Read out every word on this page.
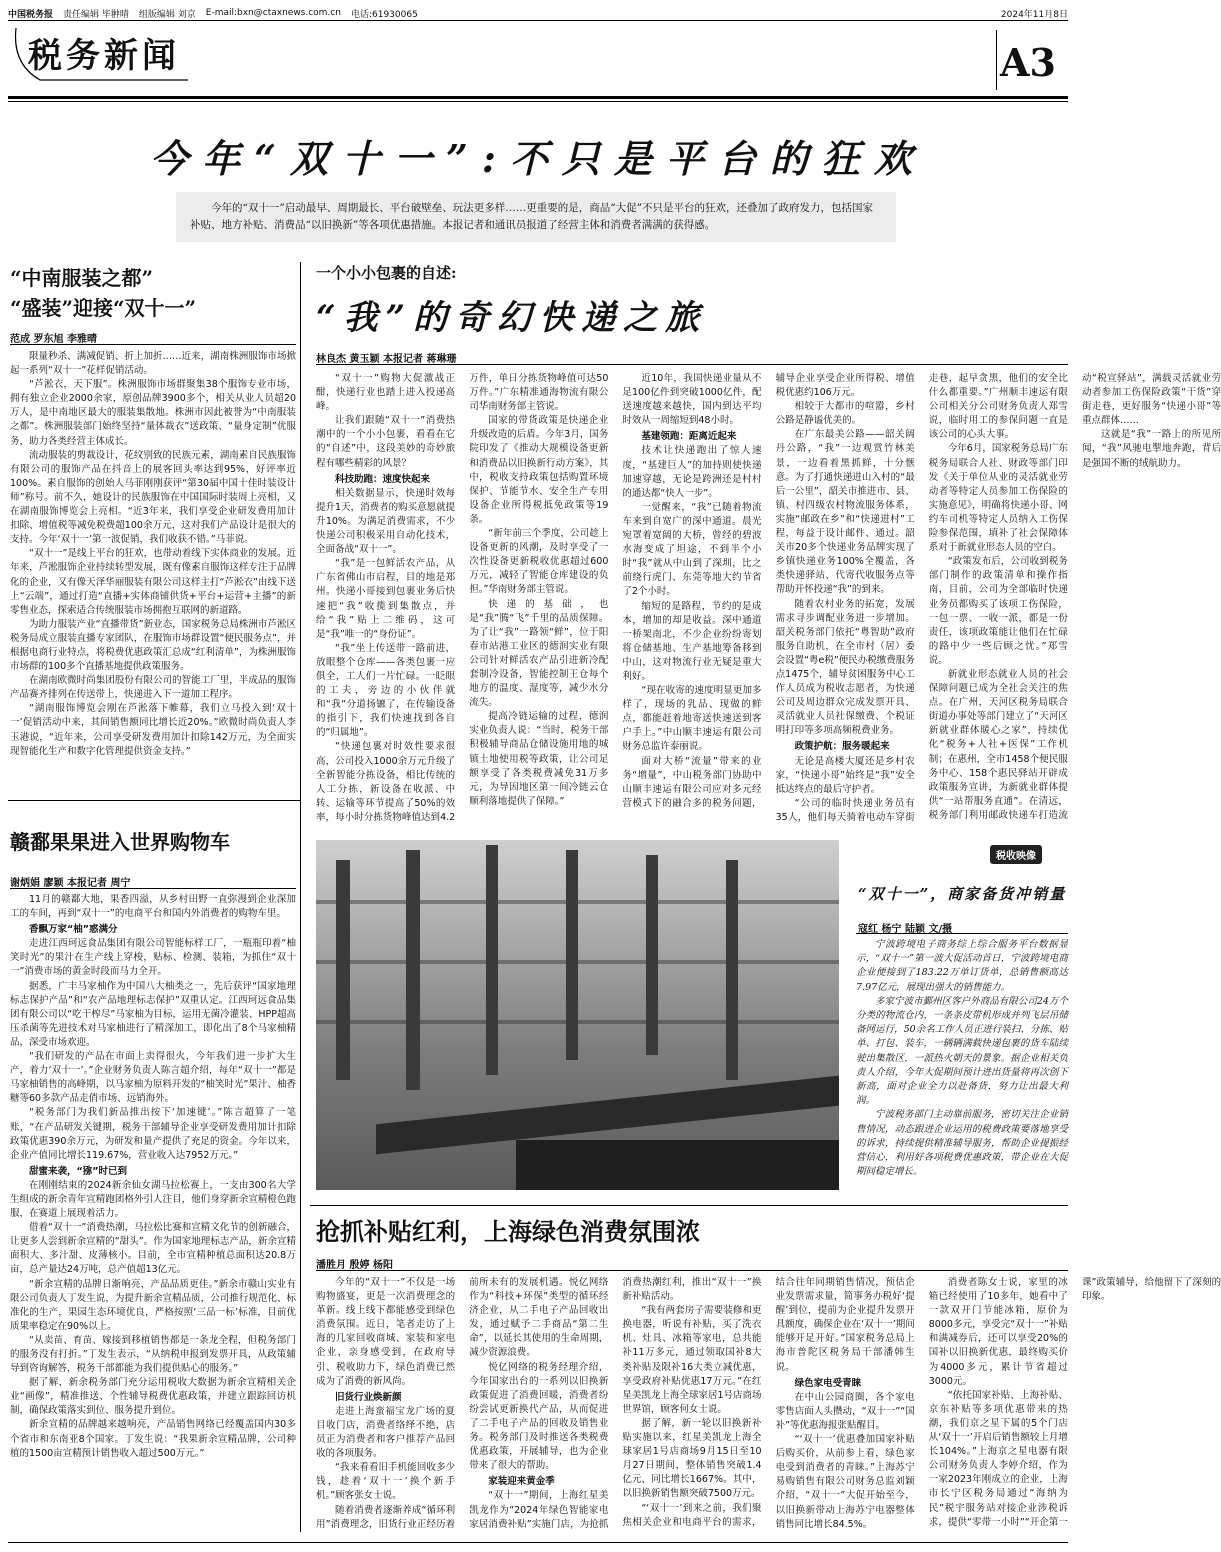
中国税务报 责任编辑 毕翀晴 组版编辑 刘京 E-mail:bxn@ctaxnews.com.cn 电话:61930065	2024年11月8日
税务新闻	A3
今年“双十一”:不只是平台的狂欢
今年的“双十一”启动最早、周期最长、平台破壁垒、玩法更多样……更重要的是，商品“大促”不只是平台的狂欢，还叠加了政府发力，包括国家补贴、地方补贴、消费品“以旧换新”等各项优惠措施。本报记者和通讯员报道了经营主体和消费者满满的获得感。
“中南服装之都”
“盛装”迎接“双十一”
范成 罗东旭 李雅晴

限量秒杀、满减促销、折上加折……近来，湖南株洲服饰市场掀起一系列“双十一”花样促销活动。

“芦淞衣，天下服”。株洲服饰市场群聚集38个服饰专业市场，拥有独立企业2000余家，原创品牌3900多个，相关从业人员超20万人，是中南地区最大的服装集散地。株洲市因此被誉为“中南服装之都”。株洲服装部门始终坚持“量体裁衣”送政策、“量身定制”优服务，助力各类经营主体成长。

流动服装的剪裁设计，花纹别致的民族元素，湖南素自民族服饰有限公司的服饰产品在抖音上的展客回头率达到95%，好评率近100%。素自服饰的创始人马菲刚刚获评“第30届中国十佳时装设计师”称号。前不久，她设计的民族服饰在中国国际时装周上亮相，又在湖南服饰博览会上亮相。“近3年来，我们享受企业研发费用加计扣除、增值税等减免税费超100余万元，这对我们产品设计是很大的支持。今年‘双十一’第一波促销，我们收获不错。”马菲说。

“双十一”是线上平台的狂欢，也带动着线下实体商业的发展。近年来，芦淞服饰企业持续转型发展，既有像素自服饰这样专注于品牌化的企业，又有像天泽华丽服装有限公司这样主打“芦淞衣”由线下送上“云端”，通过打造“直播+实体商铺供货+平台+运营+主播”的新零售业态，探索适合传统服装市场拥抱互联网的新道路。

为助力服装产业“直播带货”新业态，国家税务总局株洲市芦淞区税务局成立服装直播专家团队，在服饰市场群设置“便民服务点”，并根据电商行业特点，将税费优惠政策汇总成“红利清单”，为株洲服饰市场群的100多个直播基地提供政策服务。

在湖南欧微时尚集团股份有限公司的智能工厂里，半成品的服饰产品赛齐排列在传送带上，快递进入下一道加工程序。

“湖南服饰博览会刚在芦淞落下帷幕，我们立马投入到‘双十一’促销活动中来，其间销售额同比增长近20%。”欧微时尚负责人李玉港说，“近年来，公司享受研发费用加计扣除142万元，为全面实现智能化生产和数字化管理提供资金支持。”

赣鄱果果进入世界购物车
谢炳娟 廖颖 本报记者 周宁

11月的赣鄱大地，果香四溢，从乡村田野一直弥漫到企业深加工的车间，再到“双十一”的电商平台和国内外消费者的购物车里。

香飘万家“柚”惑满分

走进江西珂远食品集团有限公司智能标样工厂，一瓶瓶印着“柚笑时光”的果汁在生产线上穿梭，贴标、检测、装箱，为抓住“双十一”消费市场的黄金时段而马力全开。

据悉，广丰马家柚作为中国八大柚类之一，先后获评“国家地理标志保护产品”和“农产品地理标志保护”双重认定。江西珂远食品集团有限公司以“吃干榨尽”马家柚为目标，运用无菌冷灌装、HPP超高压杀菌等先进技术对马家柚进行了精深加工，即化出了8个马家柚精品，深受市场欢迎。

“我们研发的产品在市面上卖得很火，今年我们进一步扩大生产，着力‘双十一’。”企业财务负责人陈言超介绍，每年“双十一”都是马家柚销售的高峰期，以马家柚为原料开发的“柚笑时光”果汁、柚香糖等60多款产品走俏市场、远销海外。

“税务部门为我们新品推出按下‘加速键’。”陈言超算了一笔账，“在产品研发关键期，税务干部辅导企业享受研发费用加计扣除政策优惠390余万元，为研发和量产提供了充足的资金。今年以来，企业产值同比增长119.67%，营业收入达7952万元。”

甜蜜来袭，“猕”时已到

在刚刚结束的2024新余仙女湖马拉松赛上，一支由300名大学生组成的新余青年宣精跑团格外引人注目，他们身穿新余宣精橙色跑服，在赛道上展现着活力。

借着“双十一”消费热潮，马拉松比赛和宣精文化节的创新融合，让更多人尝到新余宣精的“甜头”。作为国家地理标志产品，新余宣精面积大、多汁甜、皮薄核小。目前，全市宣精种植总面积达20.8万亩，总产量达24万吨，总产值超13亿元。

“新余宣精的品牌日渐响亮，产品品质更佳。”新余市赣山实业有限公司负责人丁发生说，为提升新余宣精品质，公司推行规范化、标准化的生产，果园生态环境优良，严格按照‘三品一标’标准，目前优质果率稳定在90%以上。

“从卖苗、育苗、嫁接到移植销售都是一条龙全程，但税务部门的服务没有打折。”丁发生表示，“从纳税申报到发票开具，从政策辅导到咨询解答，税务干部都能为我们提供贴心的服务。”

据了解，新余税务部门充分运用税收大数据为新余宣精相关企业“画像”，精准推送、个性辅导税费优惠政策，并建立跟踪回访机制，确保政策落实到位、服务提升到位。

新余宣精的品牌越来越响亮，产品销售网络已经覆盖国内30多个省市和东南亚8个国家。丁发生说：“我果新余宣精品牌，公司种植的1500亩宣精预计销售收入超过500万元。”

一个小小包裹的自述:
“我”的奇幻快递之旅
林良杰 黄玉颖 本报记者 蒋琳珊

“双十一”购物大促激战正酣，快递行业也踏上进入投递高峰。

让我们跟随“双十一”消费热潮中的一个小小包裹，看看在它的“自述”中，这段美妙的奇妙旅程有哪些精彩的风景？

科技助跑：速度快起来

相关数据显示，快递时效每提升1天，消费者的购买意愿就提升10%。为满足消费需求，不少快递公司积极采用自动化技术，全面备战“双十一”。

“我”是一包鲜活农产品，从广东省佛山市启程，目的地是郑州。快递小哥接到包裹业务后快速把“我”收揽到集散点，并给“我”贴上二维码，这可是“我”唯一的“身份证”。

“我”坐上传送带一路前进，放眼整个仓库——各类包裹一应俱全，工人们一片忙碌。一眨眼的工夫，旁边的小伙伴就和“我”分道扬镳了，在传输设备的指引下，我们快速找到各自的“归属地”。

“快递包裹对时效性要求很高，公司投入1000余万元升级了全新智能分拣设备，相比传统的人工分拣，新设备在收派、中转、运输等环节提高了50%的效率，每小时分拣货物峰值达到4.2万件，单日分拣货物峰值可达50万件。”广东精准通海物流有限公司华南财务部主管说。

国家的带货政策是快递企业升级改造的后盾。今年3月，国务院印发了《推动大规模设备更新和消费品以旧换新行动方案》，其中，税收支持政策包括购置环境保护、节能节水、安全生产专用设备企业所得税抵免政策等19条。

“新年前三个季度，公司趁上设备更新的风潮，及时享受了一次性设备更新税收优惠超过600万元，减轻了智能仓库建设的负担。”华南财务部主管说。

快递的基础，也是“我”腾“飞”千里的品质保障。为了让“我”一路领“鲜”，位于阳春市站港工业区的德润实业有限公司针对鲜活农产品引进新冷配套制冷设备，智能控制王仓每个地方的温度、湿度等，减少水分流失。

提高冷链运输的过程，德润实业负责人说：“当时，税务干部积极辅导商品仓储设施用地的城镇土地使用税等政策，让公司足额享受了各类税费减免31万多元，为导因地区第一间冷链云仓顺利落地提供了保障。”

近10年，我国快递业量从不足100亿件到突破1000亿件，配送速度越来越快，国内到达平均时效从一周缩短到48小时。

基建领跑：距离近起来

技术让快递跑出了惊人速度，“基建巨人”的加持则使快递加速穿越，无论是跨洲还是村村的通达都“快人一步”。

一觉醒来，“我”已随着物流车来到自宽广的深中通道。晨光宛罩着宽阔的大桥，曾经的碧波水海变成了坦途，不到半个小时“我”就从中山到了深圳，比之前绕行虎门、东莞等地大约节省了2个小时。

缩短的是路程，节约的是成本，增加的却是收益。深中通道一桥架南北，不少企业纷纷寄划将仓储基地、生产基地筹备移到中山，这对物流行业无疑是重大利好。

“现在收寄的速度明显更加多样了，现场的乳品、现做的鲜点，都能赶着地寄送快速送到客户手上。”中山顺丰速运有限公司财务总监许泰丽说。

面对大桥“流量”带来的业务“增量”，中山税务部门协助中山顺丰速运有限公司应对多元经营模式下的融合多的税务问题，辅导企业享受企业所得税、增值税优惠约106万元。

相较于大都市的喧嚣，乡村公路是静谧优美的。

在广东最美公路——韶关阔丹公路，“我”一边观赏竹林美景，一边看着黑抓鲜，十分惬意。为了打通快递进山入村的“最后一公里”，韶关市推进市、县、镇、村四级农村物流服务体系，实施“邮政在乡”和“快递进村”工程，每益于设计邮件、通过。韶关市20多个快递业务品牌实现了乡镇快递业务100%全覆盖，各类快递驿站、代寄代收服务点等帮助开怀投递“我”的到来。

随着农村业务的拓宽，发展需求寻步调配业务进一步增加。韶关税务部门依托“粤智助”政府服务自助机，在全市村（居）委会设置“粤e税”便民办税缴费服务点1475个，辅导贫困服务中心工作人员成为税收志愿者，为快递公司及周边群众完成发票开具、灵活就业人员社保缴费、个税证明打印等多项高频税费业务。

政策护航：服务暖起来

无论是高楼大厦还是乡村农家，“快递小哥”始终是“我”安全抵达终点的最后守护者。

“公司的临时快递业务员有35人，他们每天骑着电动车穿街走巷，起早贪黑，他们的安全比什么都重要。”广州顺丰速运有限公司相关分公司财务负责人郑雪说，临时用工的参保问题一直是该公司的心头大事。

今年6月，国家税务总局广东税务局联合人社、财政等部门印发《关于单位从业的灵活就业劳动者等特定人员参加工伤保险的实施意见》，明确将快递小哥、网约车司机等特定人员纳入工伤保险参保范围，填补了社会保障体系对于新就业形态人员的空白。

“政策发布后，公司收到税务部门制作的政策清单和操作指南，目前，公司为全部临时快递业务员都购买了该项工伤保险，一包一票、一收一派，都是一份责任，该项政策能让他们在忙碌的路中少一些后顾之忧。”郑雪说。

新就业形态就业人员的社会保障问题已成为全社会关注的焦点。在广州，天河区税务局联合街道办事处等部门建立了“天河区新就业群体暖心之家”，持续优化“税务+人社+医保”工作机制；在惠州，全市1458个便民服务中心、158个惠民驿站开辟成政策服务宣讲，为新就业群体提供“一站帮服务直通”。在清远，税务部门利用邮政快递车打造流动“税宣驿站”，满载灵活就业劳动者参加工伤保险政策“干货”穿街走巷，更好服务“快递小哥”等重点群体……

这就是“我”一路上的所见所闻，“我”风驰电掣地奔跑，背后是强国不断的绒航助力。

税收映像
“双十一”，商家备货冲销量
寇红 杨宁 陆颖 文/摄

宁波跨境电子商务综上综合服务平台数据显示，“双十一”第一波大促活动首日，宁波跨境电商企业便接到了183.22万单订货单，总销售额高达7.97亿元，展现出强大的销售能力。

多家宁波市鄞州区客户外商品有限公司24万个分类的物流仓内，一条条皮带机形成并列飞层吊储备网运行，50余名工作人员正进行装扫、分拣、贴单、打包、装车，一辆辆满载快递包裹的货车陆续驶出集散区，一派热火朝天的景象。据企业相关负责人介绍，今年大促期间预计进出货量将再次创下新高，面对企业全力以赴备货，努力让出最大利润。

宁波税务部门主动靠前服务，密切关注企业销售情况，动态跟进企业运用的税费政策要落地享受的诉求，持续提供精准辅导服务，帮助企业提振经营信心，利用好各项税费优惠政策，带企业在大促期间稳定增长。

抢抓补贴红利，上海绿色消费氛围浓
潘胜月 殷婷 杨阳

今年的“双十一”不仅是一场购物盛宴，更是一次消费理念的革新。线上线下都能感受到绿色消费氛围。近日，笔者走访了上海的几家回收商城、家装和家电企业，亲身感受到，在政府导引、税收助力下，绿色消费已然成为了消费的新风尚。

旧货行业焕新颜

走进上海蛮福宝龙广场的夏目收门店，消费者络绎不绝，店员正为消费者和客户推荐产品回收的各项服务。

“我来看看旧手机能回收多少钱，趁着‘双十一’换个新手机。”顾客张女士说。

随着消费者逐渐养成“循环利用”消费理念，旧货行业正经历着前所未有的发展机遇。悦亿网络作为“科技+环保”类型的循环经济企业，从二手电子产品回收出发，通过赋予二手商品“第二生命”，以延长其使用的生命周期，减少资源浪费。

悦亿网络的税务经理介绍，今年国家出台的一系列以旧换新政策促进了消费回暖，消费者纷纷尝试更新换代产品，从而促进了二手电子产品的回收及销售业务。税务部门及时推送各类税费优惠政策，开展辅导，也为企业带来了很大的帮助。

家装迎来黄金季

“双十一”期间，上海红星美凯龙作为“2024年绿色智能家电家居消费补贴”实施门店，为抢抓消费热潮红利，推出“双十一”换新补贴活动。

“我有两套房子需要装修和更换电器，听说有补贴，买了洗衣机、灶具、冰箱等家电，总共能补11万多元，通过领取国补8大类补贴及限补16大类立减优惠，享受政府补贴优惠17万元。”在红星美凯龙上海全球家居1号店商场世界馆，顾客何女士说。

据了解，新一轮以旧换新补贴实施以来，红星美凯龙上海全球家居1号店商场9月15日至10月27日期间，整体销售突破1.4亿元，同比增长1667%。其中，以旧换新销售额突破7500万元。

“‘双十一’到来之前，我们聚焦相关企业和电商平台的需求，结合往年同期销售情况，预估企业发票需求量，简事务办税好‘提醒’到位，提前为企业提升发票开具额度，确保企业在‘双十一’期间能够开足开好。”国家税务总局上海市普陀区税务局干部潘韩生说。

绿色家电受青睐

在中山公园商圈，各个家电零售店面人头攒动，“双十一”“国补”等优惠海报张贴醒目。

“‘双十一’优惠叠加国家补贴后购买价，从前参上看，绿色家电受到消费者的青睐。”上海苏宁易购销售有限公司财务总监刘颖介绍，“双十一”大促开始至今，以旧换新带动上海苏宁电器整体销售同比增长84.5%。

消费者陈女士说，家里的冰箱已经使用了10多年，她看中了一款双开门节能冰箱，原价为8000多元，享受完“双十一”补贴和满减券后，还可以享受20%的国补以旧换新优惠，最终购买价为4000多元，累计节省超过3000元。

“依托国家补贴、上海补贴、京东补贴等多项优惠带来的热潮，我们京之星下属的5个门店从‘双十一’开启后销售额较上月增长104%。”上海京之星电器有限公司财务负责人李婷介绍，作为一家2023年刚成立的企业，上海市长宁区税务局通过“海纳为民”税宇服务站对接企业涉税诉求，提供“零带一小时”“开企第一课”政策辅导，给他留下了深刻的印象。
